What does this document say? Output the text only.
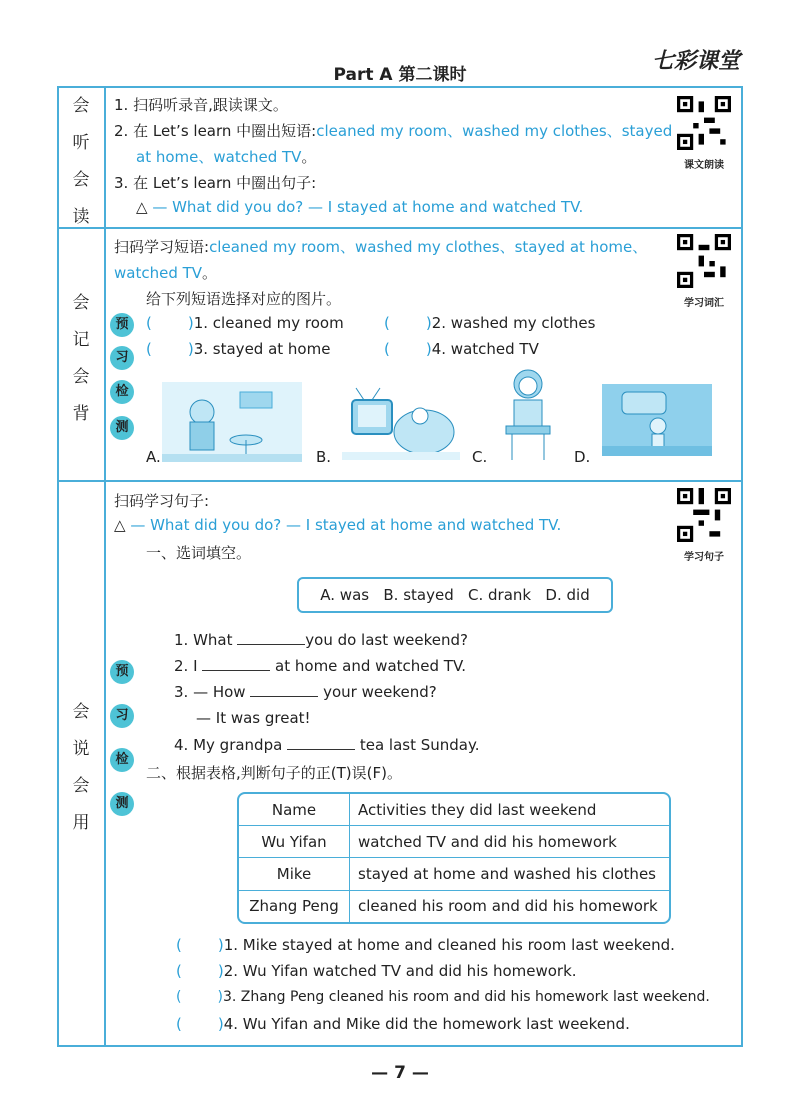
Part A 第二课时
七彩课堂
会
听
会
读
1. 扫码听录音,跟读课文。
2. 在 Let’s learn 中圈出短语:cleaned my room、washed my clothes、stayed
at home、watched TV。
3. 在 Let’s learn 中圈出句子:
△ — What did you do? — I stayed at home and watched TV.
课文朗读
会
记
会
背
扫码学习短语:cleaned my room、washed my clothes、stayed at home、
watched TV。
学习词汇
给下列短语选择对应的图片。
预
习
检
测
( )1. cleaned my room	( )2. washed my clothes
( )3. stayed at home	( )4. watched TV
A.	B.	C.	D.
会
说
会
用
扫码学习句子:
△ — What did you do? — I stayed at home and watched TV.
学习句子
一、选词填空。
A. was   B. stayed   C. drank   D. did
预
习
检
测
1. What	you do last weekend?
2. I	at home and watched TV.
3. — How	your weekend?
— It was great!
4. My grandpa	tea last Sunday.
二、根据表格,判断句子的正(T)误(F)。
Name	Activities they did last weekend
Wu Yifan	watched TV and did his homework
Mike	stayed at home and washed his clothes
Zhang Peng	cleaned his room and did his homework
( )1. Mike stayed at home and cleaned his room last weekend.
( )2. Wu Yifan watched TV and did his homework.
(	)3. Zhang Peng cleaned his room and did his homework last weekend.
( )4. Wu Yifan and Mike did the homework last weekend.
— 7 —
